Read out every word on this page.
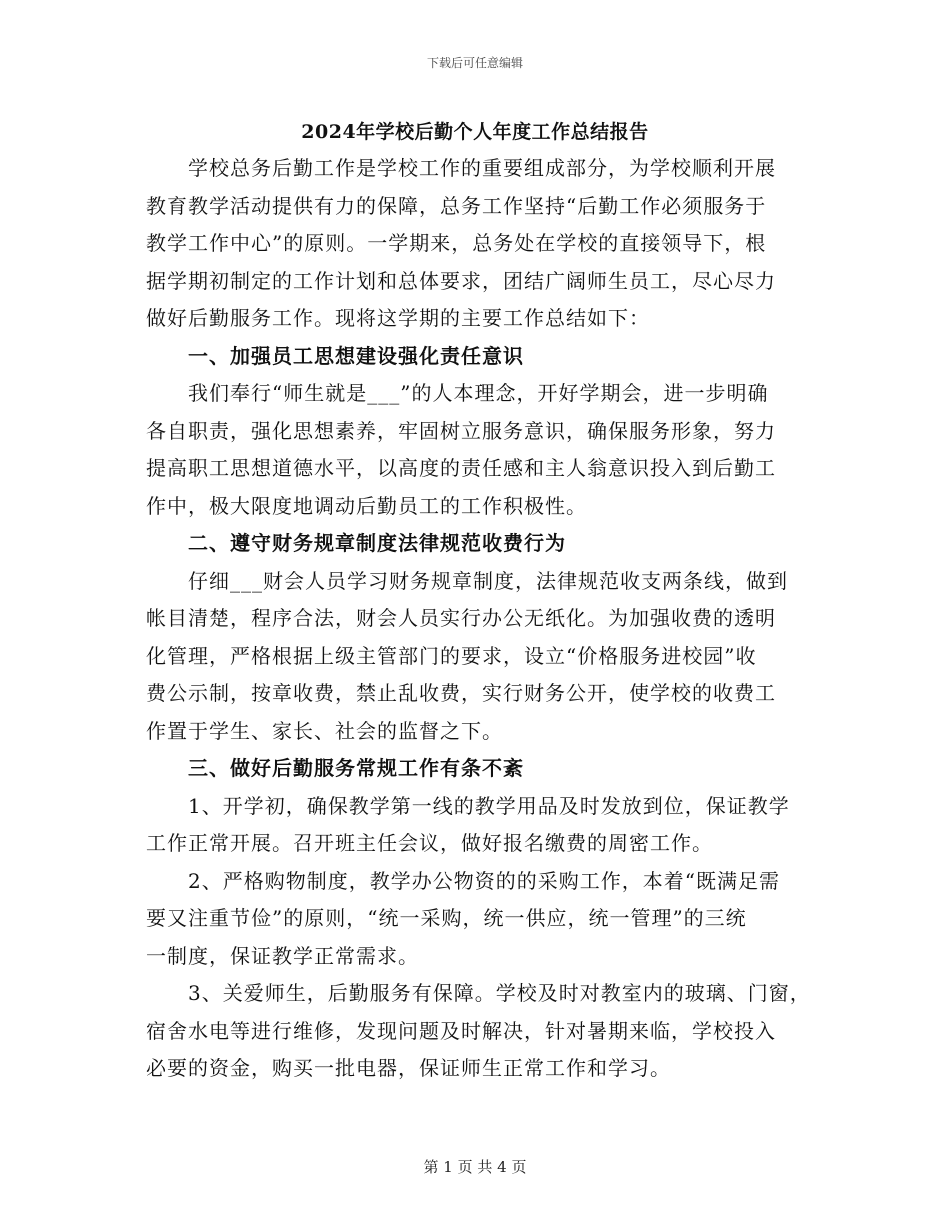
下载后可任意编辑
2024年学校后勤个人年度工作总结报告
学校总务后勤工作是学校工作的重要组成部分，为学校顺利开展
教育教学活动提供有力的保障，总务工作坚持“后勤工作必须服务于
教学工作中心”的原则。一学期来，总务处在学校的直接领导下，根
据学期初制定的工作计划和总体要求，团结广阔师生员工，尽心尽力
做好后勤服务工作。现将这学期的主要工作总结如下：
一、加强员工思想建设强化责任意识
我们奉行“师生就是___”的人本理念，开好学期会，进一步明确
各自职责，强化思想素养，牢固树立服务意识，确保服务形象，努力
提高职工思想道德水平，以高度的责任感和主人翁意识投入到后勤工
作中，极大限度地调动后勤员工的工作积极性。
二、遵守财务规章制度法律规范收费行为
仔细___财会人员学习财务规章制度，法律规范收支两条线，做到
帐目清楚，程序合法，财会人员实行办公无纸化。为加强收费的透明
化管理，严格根据上级主管部门的要求，设立“价格服务进校园”收
费公示制，按章收费，禁止乱收费，实行财务公开，使学校的收费工
作置于学生、家长、社会的监督之下。
三、做好后勤服务常规工作有条不紊
1、开学初，确保教学第一线的教学用品及时发放到位，保证教学
工作正常开展。召开班主任会议，做好报名缴费的周密工作。
2、严格购物制度，教学办公物资的的采购工作，本着“既满足需
要又注重节俭”的原则，“统一采购，统一供应，统一管理”的三统
一制度，保证教学正常需求。
3、关爱师生，后勤服务有保障。学校及时对教室内的玻璃、门窗，
宿舍水电等进行维修，发现问题及时解决，针对暑期来临，学校投入
必要的资金，购买一批电器，保证师生正常工作和学习。
第 1 页 共 4 页
